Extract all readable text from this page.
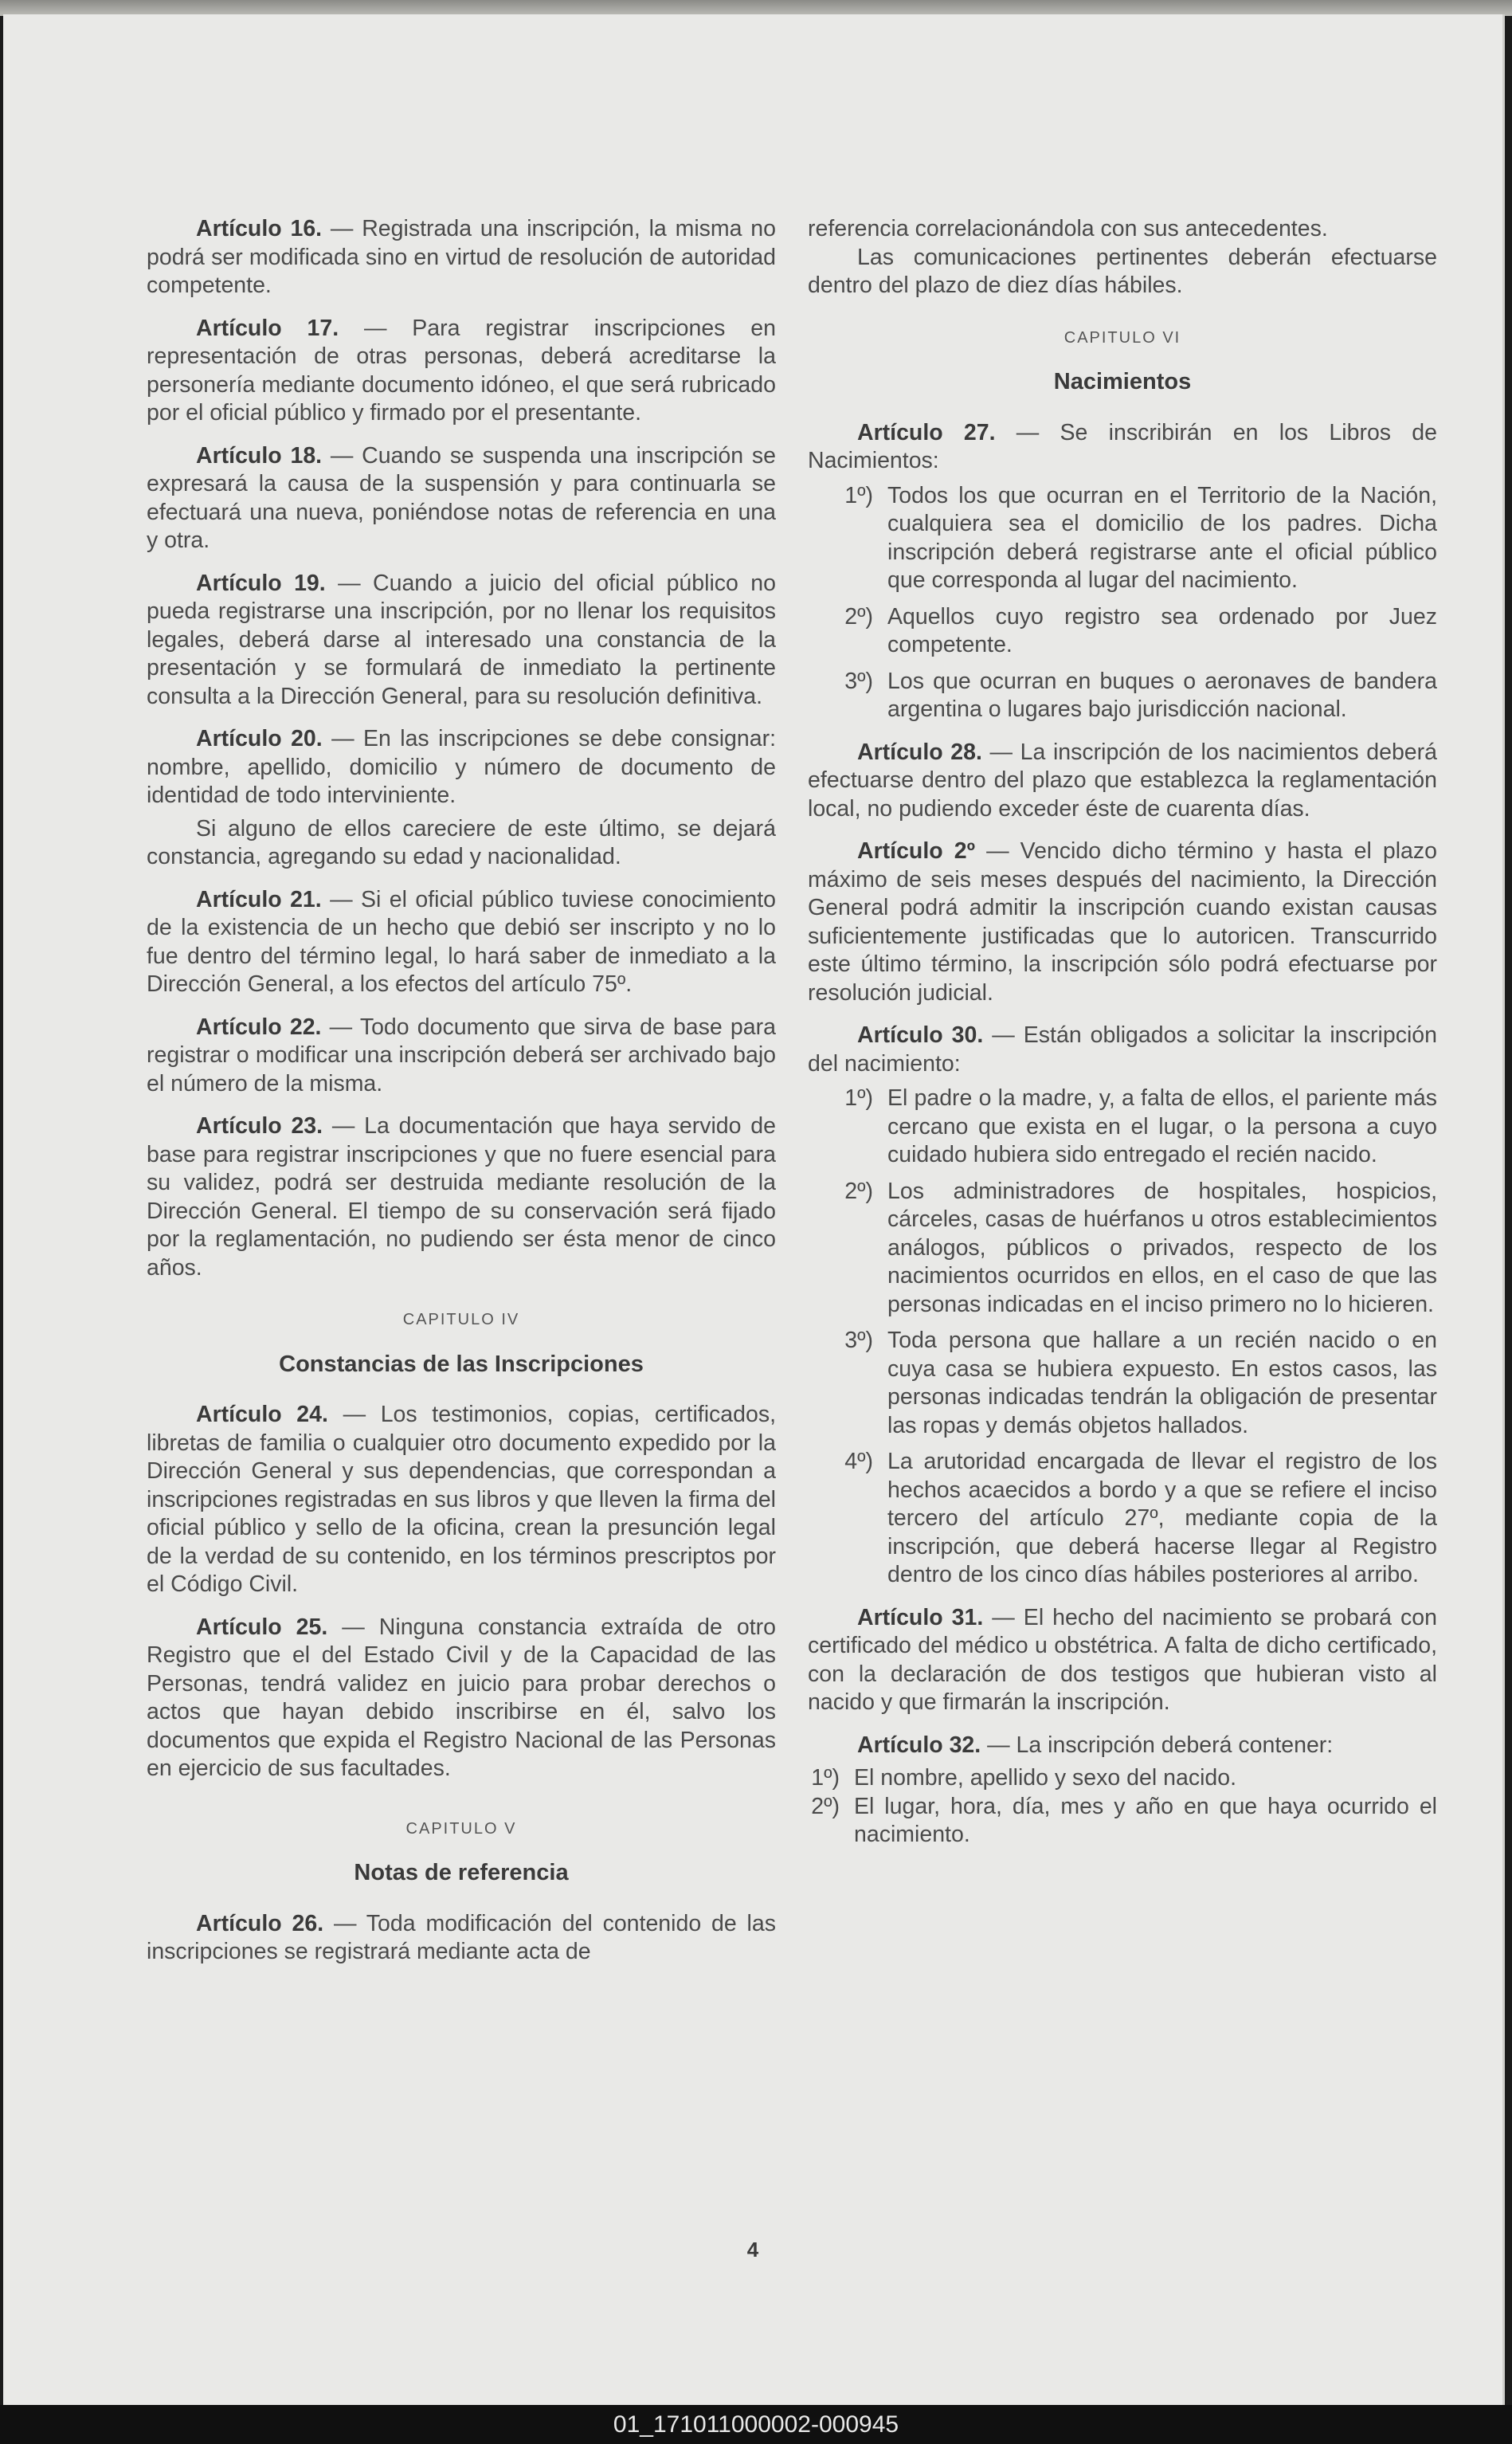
Artículo 16. — Registrada una inscripción, la misma no podrá ser modificada sino en virtud de resolución de autoridad competente.

Artículo 17. — Para registrar inscripciones en representación de otras personas, deberá acreditarse la personería mediante documento idóneo, el que será rubricado por el oficial público y firmado por el presentante.

Artículo 18. — Cuando se suspenda una inscripción se expresará la causa de la suspensión y para continuarla se efectuará una nueva, poniéndose notas de referencia en una y otra.

Artículo 19. — Cuando a juicio del oficial público no pueda registrarse una inscripción, por no llenar los requisitos legales, deberá darse al interesado una constancia de la presentación y se formulará de inmediato la pertinente consulta a la Dirección General, para su resolución definitiva.

Artículo 20. — En las inscripciones se debe consignar: nombre, apellido, domicilio y número de documento de identidad de todo interviniente.

Si alguno de ellos careciere de este último, se dejará constancia, agregando su edad y nacionalidad.

Artículo 21. — Si el oficial público tuviese conocimiento de la existencia de un hecho que debió ser inscripto y no lo fue dentro del término legal, lo hará saber de inmediato a la Dirección General, a los efectos del artículo 75º.

Artículo 22. — Todo documento que sirva de base para registrar o modificar una inscripción deberá ser archivado bajo el número de la misma.

Artículo 23. — La documentación que haya servido de base para registrar inscripciones y que no fuere esencial para su validez, podrá ser destruida mediante resolución de la Dirección General. El tiempo de su conservación será fijado por la reglamentación, no pudiendo ser ésta menor de cinco años.

CAPITULO IV
Constancias de las Inscripciones

Artículo 24. — Los testimonios, copias, certificados, libretas de familia o cualquier otro documento expedido por la Dirección General y sus dependencias, que correspondan a inscripciones registradas en sus libros y que lleven la firma del oficial público y sello de la oficina, crean la presunción legal de la verdad de su contenido, en los términos prescriptos por el Código Civil.

Artículo 25. — Ninguna constancia extraída de otro Registro que el del Estado Civil y de la Capacidad de las Personas, tendrá validez en juicio para probar derechos o actos que hayan debido inscribirse en él, salvo los documentos que expida el Registro Nacional de las Personas en ejercicio de sus facultades.

CAPITULO V
Notas de referencia

Artículo 26. — Toda modificación del contenido de las inscripciones se registrará mediante acta de

referencia correlacionándola con sus antecedentes.

Las comunicaciones pertinentes deberán efectuarse dentro del plazo de diez días hábiles.

CAPITULO VI
Nacimientos

Artículo 27. — Se inscribirán en los Libros de Nacimientos:

1º) Todos los que ocurran en el Territorio de la Nación, cualquiera sea el domicilio de los padres. Dicha inscripción deberá registrarse ante el oficial público que corresponda al lugar del nacimiento.
2º) Aquellos cuyo registro sea ordenado por Juez competente.
3º) Los que ocurran en buques o aeronaves de bandera argentina o lugares bajo jurisdicción nacional.

Artículo 28. — La inscripción de los nacimientos deberá efectuarse dentro del plazo que establezca la reglamentación local, no pudiendo exceder éste de cuarenta días.

Artículo 2º — Vencido dicho término y hasta el plazo máximo de seis meses después del nacimiento, la Dirección General podrá admitir la inscripción cuando existan causas suficientemente justificadas que lo autoricen. Transcurrido este último término, la inscripción sólo podrá efectuarse por resolución judicial.

Artículo 30. — Están obligados a solicitar la inscripción del nacimiento:

1º) El padre o la madre, y, a falta de ellos, el pariente más cercano que exista en el lugar, o la persona a cuyo cuidado hubiera sido entregado el recién nacido.
2º) Los administradores de hospitales, hospicios, cárceles, casas de huérfanos u otros establecimientos análogos, públicos o privados, respecto de los nacimientos ocurridos en ellos, en el caso de que las personas indicadas en el inciso primero no lo hicieren.
3º) Toda persona que hallare a un recién nacido o en cuya casa se hubiera expuesto. En estos casos, las personas indicadas tendrán la obligación de presentar las ropas y demás objetos hallados.
4º) La arutoridad encargada de llevar el registro de los hechos acaecidos a bordo y a que se refiere el inciso tercero del artículo 27º, mediante copia de la inscripción, que deberá hacerse llegar al Registro dentro de los cinco días hábiles posteriores al arribo.

Artículo 31. — El hecho del nacimiento se probará con certificado del médico u obstétrica. A falta de dicho certificado, con la declaración de dos testigos que hubieran visto al nacido y que firmarán la inscripción.

Artículo 32. — La inscripción deberá contener:

1º) El nombre, apellido y sexo del nacido.
2º) El lugar, hora, día, mes y año en que haya ocurrido el nacimiento.
4
01_171011000002-000945
